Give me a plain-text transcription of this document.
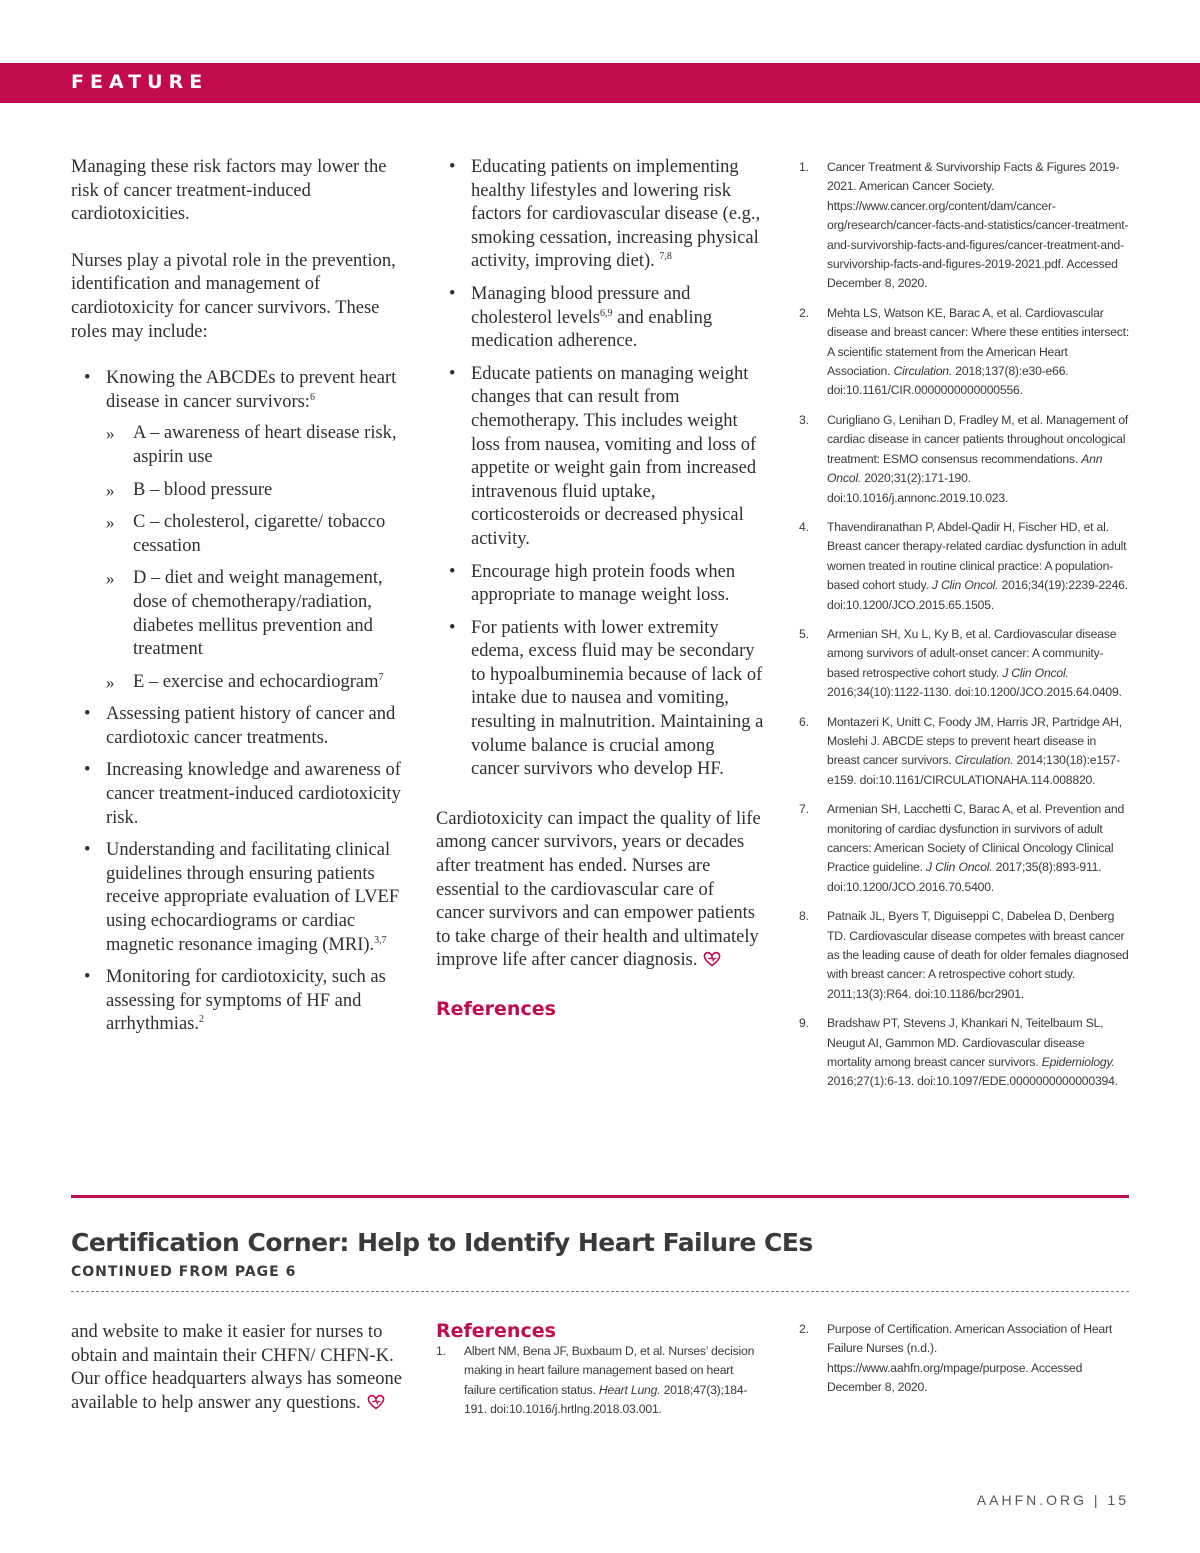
FEATURE

Managing these risk factors may lower the risk of cancer treatment-induced cardiotoxicities.

Nurses play a pivotal role in the prevention, identification and management of cardiotoxicity for cancer survivors. These roles may include:

• Knowing the ABCDEs to prevent heart disease in cancer survivors:$^6$
» A – awareness of heart disease risk, aspirin use
» B – blood pressure
» C – cholesterol, cigarette/ tobacco cessation
» D – diet and weight management, dose of chemotherapy/radiation, diabetes mellitus prevention and treatment
» E – exercise and echocardiogram$^7$
• Assessing patient history of cancer and cardiotoxic cancer treatments.
• Increasing knowledge and awareness of cancer treatment-induced cardiotoxicity risk.
• Understanding and facilitating clinical guidelines through ensuring patients receive appropriate evaluation of LVEF using echocardiograms or cardiac magnetic resonance imaging (MRI).$^{3,7}$
• Monitoring for cardiotoxicity, such as assessing for symptoms of HF and arrhythmias.$^2$
• Educating patients on implementing healthy lifestyles and lowering risk factors for cardiovascular disease (e.g., smoking cessation, increasing physical activity, improving diet). $^{7,8}$
• Managing blood pressure and cholesterol levels$^{6,9}$ and enabling medication adherence.
• Educate patients on managing weight changes that can result from chemotherapy. This includes weight loss from nausea, vomiting and loss of appetite or weight gain from increased intravenous fluid uptake, corticosteroids or decreased physical activity.
• Encourage high protein foods when appropriate to manage weight loss.
• For patients with lower extremity edema, excess fluid may be secondary to hypoalbuminemia because of lack of intake due to nausea and vomiting, resulting in malnutrition. Maintaining a volume balance is crucial among cancer survivors who develop HF.

Cardiotoxicity can impact the quality of life among cancer survivors, years or decades after treatment has ended. Nurses are essential to the cardiovascular care of cancer survivors and can empower patients to take charge of their health and ultimately improve life after cancer diagnosis.

References
1. Cancer Treatment & Survivorship Facts & Figures 2019-2021. American Cancer Society. https://www.cancer.org/content/dam/cancer-org/research/cancer-facts-and-statistics/cancer-treatment-and-survivorship-facts-and-figures/cancer-treatment-and-survivorship-facts-and-figures-2019-2021.pdf. Accessed December 8, 2020.
2. Mehta LS, Watson KE, Barac A, et al. Cardiovascular disease and breast cancer: Where these entities intersect: A scientific statement from the American Heart Association. Circulation. 2018;137(8):e30-e66. doi:10.1161/CIR.0000000000000556.
3. Curigliano G, Lenihan D, Fradley M, et al. Management of cardiac disease in cancer patients throughout oncological treatment: ESMO consensus recommendations. Ann Oncol. 2020;31(2):171-190. doi:10.1016/j.annonc.2019.10.023.
4. Thavendiranathan P, Abdel-Qadir H, Fischer HD, et al. Breast cancer therapy-related cardiac dysfunction in adult women treated in routine clinical practice: A population-based cohort study. J Clin Oncol. 2016;34(19):2239-2246. doi:10.1200/JCO.2015.65.1505.
5. Armenian SH, Xu L, Ky B, et al. Cardiovascular disease among survivors of adult-onset cancer: A community-based retrospective cohort study. J Clin Oncol. 2016;34(10):1122-1130. doi:10.1200/JCO.2015.64.0409.
6. Montazeri K, Unitt C, Foody JM, Harris JR, Partridge AH, Moslehi J. ABCDE steps to prevent heart disease in breast cancer survivors. Circulation. 2014;130(18):e157-e159. doi:10.1161/CIRCULATIONAHA.114.008820.
7. Armenian SH, Lacchetti C, Barac A, et al. Prevention and monitoring of cardiac dysfunction in survivors of adult cancers: American Society of Clinical Oncology Clinical Practice guideline. J Clin Oncol. 2017;35(8):893-911. doi:10.1200/JCO.2016.70.5400.
8. Patnaik JL, Byers T, Diguiseppi C, Dabelea D, Denberg TD. Cardiovascular disease competes with breast cancer as the leading cause of death for older females diagnosed with breast cancer: A retrospective cohort study. 2011;13(3):R64. doi:10.1186/bcr2901.
9. Bradshaw PT, Stevens J, Khankari N, Teitelbaum SL, Neugut AI, Gammon MD. Cardiovascular disease mortality among breast cancer survivors. Epidemiology. 2016;27(1):6-13. doi:10.1097/EDE.0000000000000394.
Certification Corner: Help to Identify Heart Failure CEs
CONTINUED FROM PAGE 6
and website to make it easier for nurses to obtain and maintain their CHFN/ CHFN-K. Our office headquarters always has someone available to help answer any questions.
References
1. Albert NM, Bena JF, Buxbaum D, et al. Nurses’ decision making in heart failure management based on heart failure certification status. Heart Lung. 2018;47(3);184-191. doi:10.1016/j.hrtlng.2018.03.001.
2. Purpose of Certification. American Association of Heart Failure Nurses (n.d.). https://www.aahfn.org/mpage/purpose. Accessed December 8, 2020.
AAHFN.ORG | 15
